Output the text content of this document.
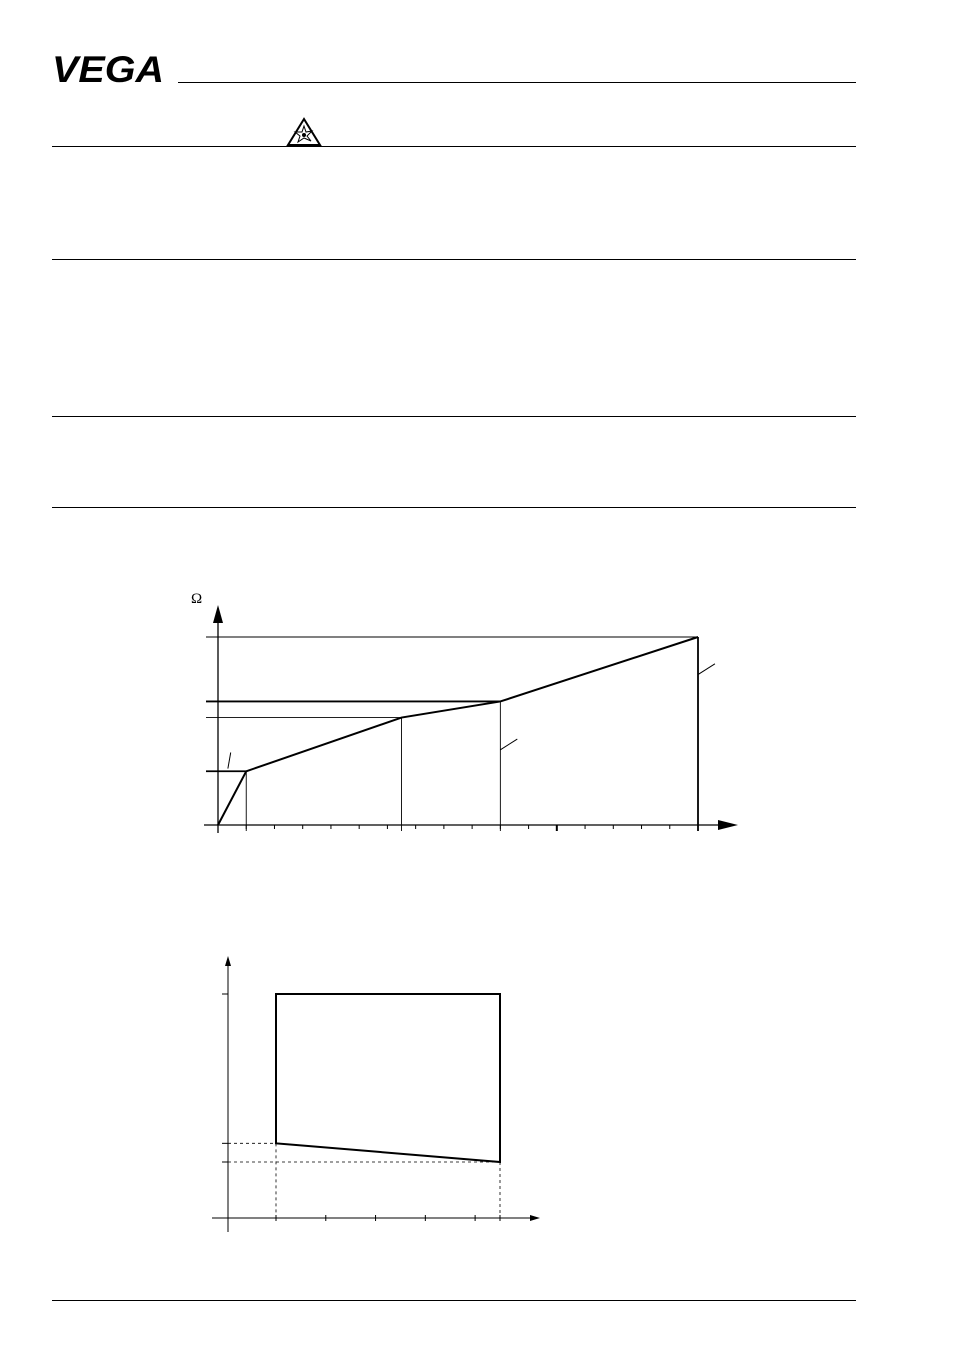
VEGA
Ω
